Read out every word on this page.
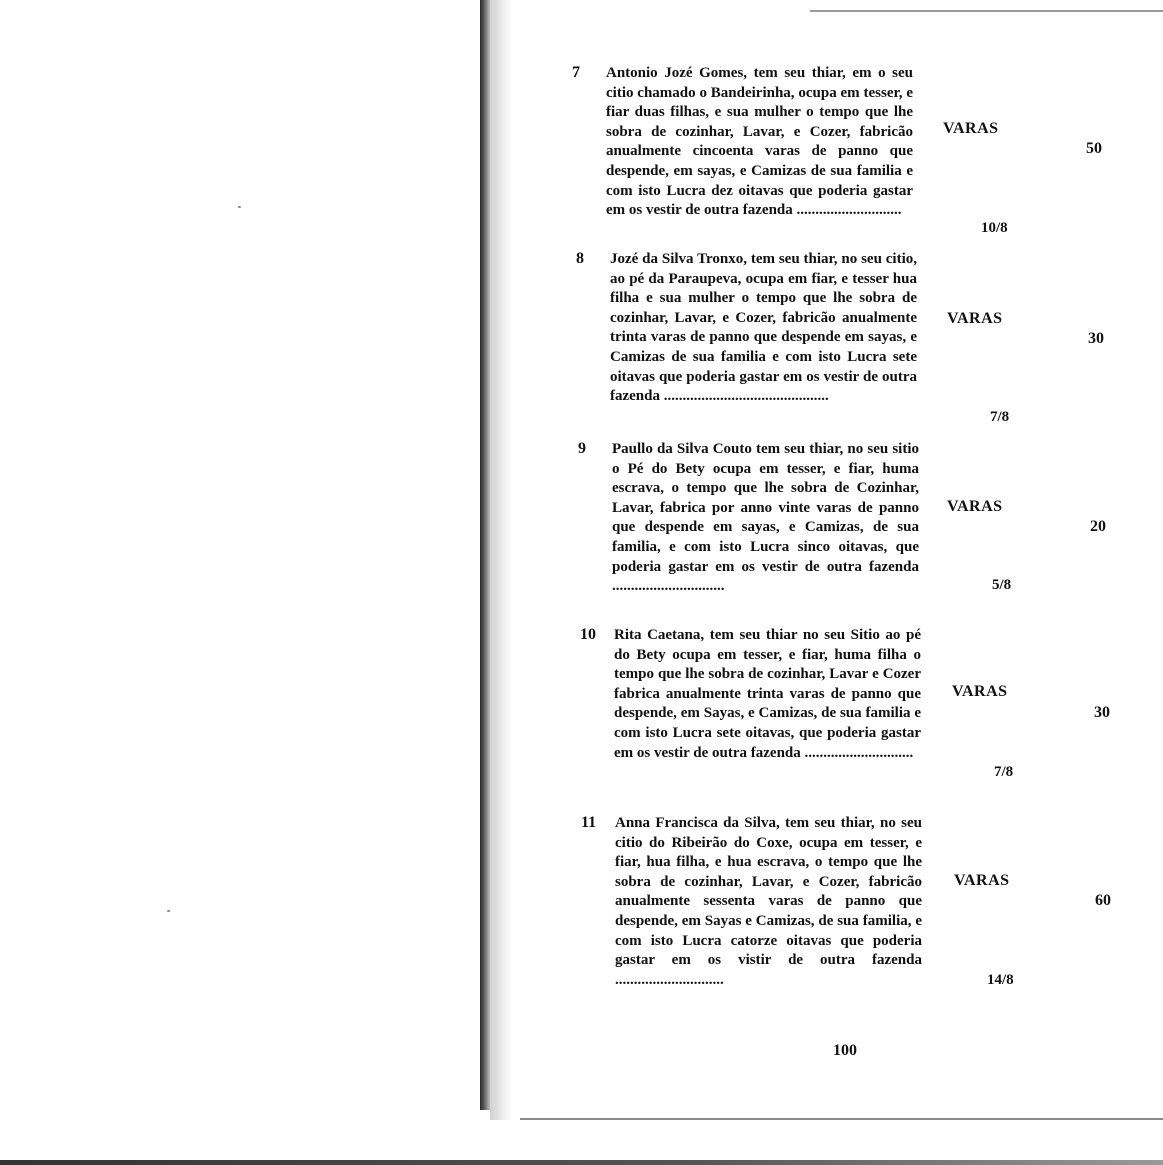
7 Antonio Jozé Gomes, tem seu thiar, em o seu citio chamado o Bandeirinha, ocupa em tesser, e fiar duas filhas, e sua mulher o tempo que lhe sobra de cozinhar, Lavar, e Cozer, fabricão anualmente cincoenta varas de panno que despende, em sayas, e Camizas de sua familia e com isto Lucra dez oitavas que poderia gastar em os vestir de outra fazenda ............................
VARAS
50
10/8
8 Jozé da Silva Tronxo, tem seu thiar, no seu citio, ao pé da Paraupeva, ocupa em fiar, e tesser hua filha e sua mulher o tempo que lhe sobra de cozinhar, Lavar, e Cozer, fabricão anualmente trinta varas de panno que despende em sayas, e Camizas de sua familia e com isto Lucra sete oitavas que poderia gastar em os vestir de outra fazenda ............................................
VARAS
30
7/8
9 Paullo da Silva Couto tem seu thiar, no seu sitio o Pé do Bety ocupa em tesser, e fiar, huma escrava, o tempo que lhe sobra de Cozinhar, Lavar, fabrica por anno vinte varas de panno que despende em sayas, e Camizas, de sua familia, e com isto Lucra sinco oitavas, que poderia gastar em os vestir de outra fazenda ..............................
VARAS
20
5/8
10 Rita Caetana, tem seu thiar no seu Sitio ao pé do Bety ocupa em tesser, e fiar, huma filha o tempo que lhe sobra de cozinhar, Lavar e Cozer fabrica anualmente trinta varas de panno que despende, em Sayas, e Camizas, de sua familia e com isto Lucra sete oitavas, que poderia gastar em os vestir de outra fazenda .............................
VARAS
30
7/8
11 Anna Francisca da Silva, tem seu thiar, no seu citio do Ribeirão do Coxe, ocupa em tesser, e fiar, hua filha, e hua escrava, o tempo que lhe sobra de cozinhar, Lavar, e Cozer, fabricão anualmente sessenta varas de panno que despende, em Sayas e Camizas, de sua familia, e com isto Lucra catorze oitavas que poderia gastar em os vistir de outra fazenda .............................
VARAS
60
14/8
100
